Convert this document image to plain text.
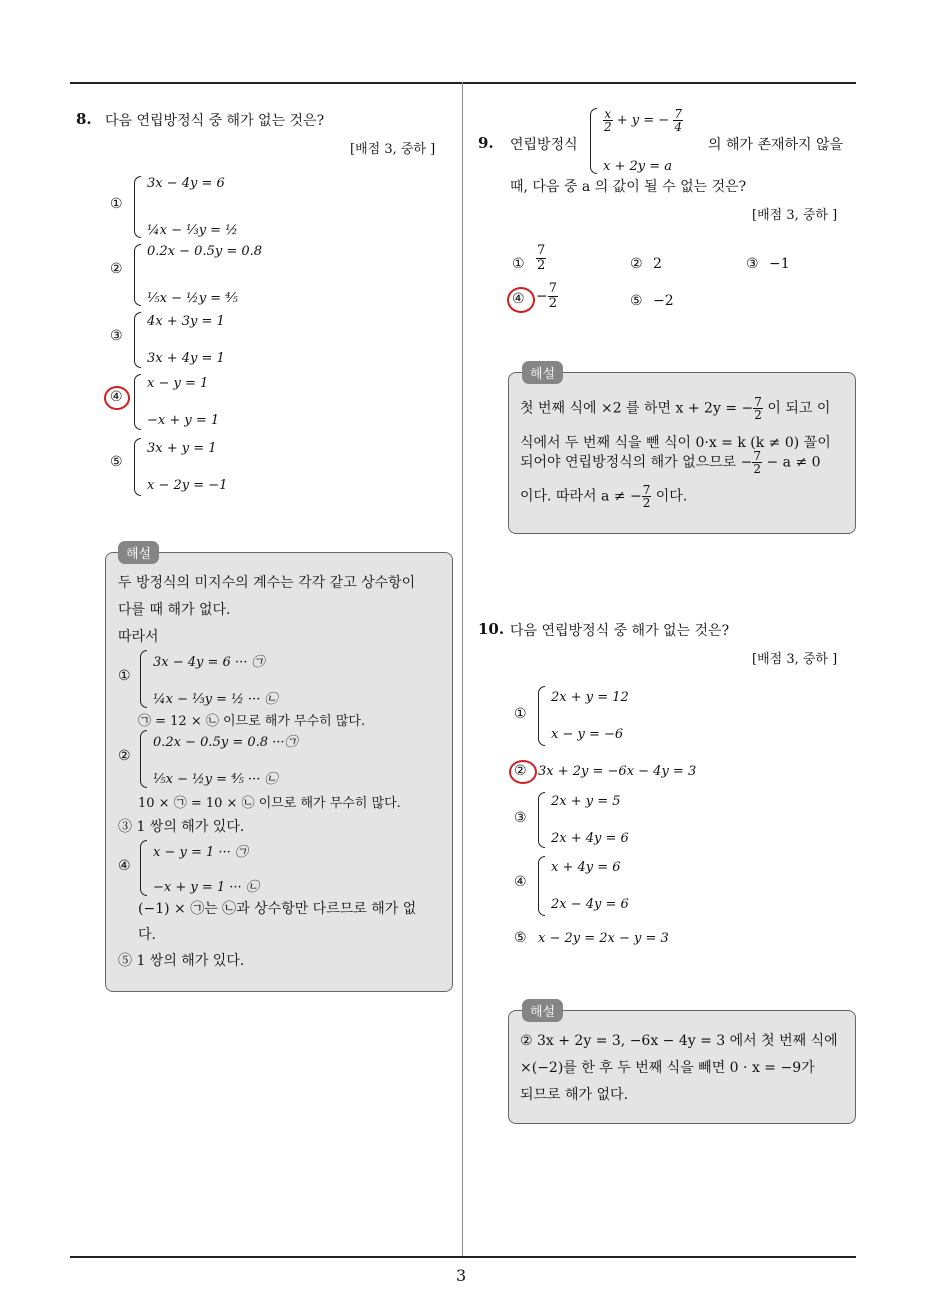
3
8. 다음 연립방정식 중 해가 없는 것은?
[배점 3, 중하 ]
①
3x − 4y = 6
¼x − ⅓y = ½
②
0.2x − 0.5y = 0.8
⅕x − ½y = ⅘
③
4x + 3y = 1
3x + 4y = 1
④
x − y = 1
−x + y = 1
⑤
3x + y = 1
x − 2y = −1
해설
두 방정식의 미지수의 계수는 각각 같고 상수항이
다를 때 해가 없다.
따라서
①
3x − 4y = 6 ··· ㉠
¼x − ⅓y = ½ ··· ㉡
㉠ = 12 × ㉡ 이므로 해가 무수히 많다.
②
0.2x − 0.5y = 0.8 ···㉠
⅕x − ½y = ⅘ ··· ㉡
10 × ㉠ = 10 × ㉡ 이므로 해가 무수히 많다.
③ 1 쌍의 해가 있다.
④
x − y = 1 ··· ㉠
−x + y = 1 ··· ㉡
(−1) × ㉠는 ㉡과 상수항만 다르므로 해가 없
다.
⑤ 1 쌍의 해가 있다.
9. 연립방정식
$\frac{x}{2} + y$ = − $\frac{7}{4}$
x + 2y = a
의 해가 존재하지 않을
때, 다음 중 a 의 값이 될 수 없는 것은?
[배점 3, 중하 ]
①
7
2	② 2	③ −1
④ − $\frac{7}{2}$	⑤ −2
해설
첫 번째 식에 ×2 를 하면 x + 2y = − $\frac{7}{2}$ 이 되고 이
식에서 두 번째 식을 뺀 식이 0·x = k (k ≠ 0) 꼴이
되어야 연립방정식의 해가 없으므로 − $\frac{7}{2} - a \ne 0$
이다. 따라서 a ≠ − $\frac{7}{2}$ 이다.
10. 다음 연립방정식 중 해가 없는 것은?
[배점 3, 중하 ]
①
2x + y = 12
x − y = −6
② 3x + 2y = −6x − 4y = 3
③
2x + y = 5
2x + 4y = 6
④
x + 4y = 6
2x − 4y = 6
⑤ x − 2y = 2x − y = 3
해설
② 3x + 2y = 3, −6x − 4y = 3 에서 첫 번째 식에
×(−2)를 한 후 두 번째 식을 빼면 0 · x = −9가
되므로 해가 없다.
